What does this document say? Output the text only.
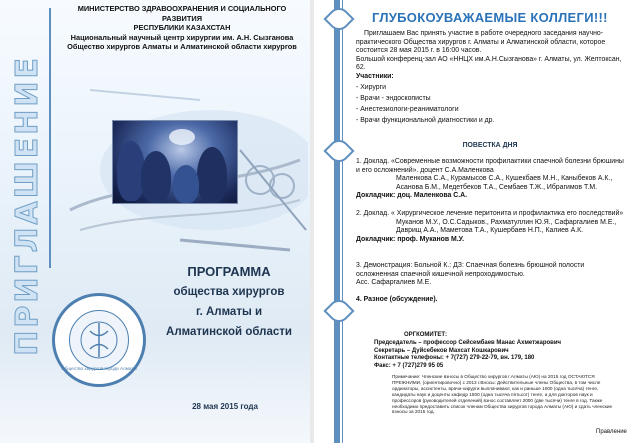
ПРИГЛАШЕНИЕ
МИНИСТЕРСТВО ЗДРАВООХРАНЕНИЯ И СОЦИАЛЬНОГО РАЗВИТИЯ
РЕСПУБЛИКИ КАЗАХСТАН
Национальный научный центр хирургии им. А.Н. Сызганова
Общество хирургов Алматы и Алматинской области хирургов
Общество хирургов города Алматы
ПРОГРАММА
общества хирургов
г. Алматы и
Алматинской области
28 мая 2015 года
ГЛУБОКОУВАЖАЕМЫЕ КОЛЛЕГИ!!!
Приглашаем Вас принять участие в работе очередного заседания научно-практического Общества хирургов г. Алматы и Алматинской области, которое состоится 28 мая 2015 г. в 16:00 часов.
Большой конференц-зал АО «ННЦХ им.А.Н.Сызганова» г. Алматы, ул. Желтоксан, 62.
Участники:
- Хирурги
- Врачи - эндоскописты
- Анестезиологи-реаниматологи
- Врачи функциональной диагностики и др.
ПОВЕСТКА ДНЯ
1. Доклад. «Современные возможности профилактики спаечной болезни брюшины и его осложнений». доцент С.А.Маленкова
Маленкова С.А., Курамысов С.А., Кушекбаев М.Н., Каныбеков А.К., Асанова Б.М., Медетбеков Т.А., Сембаев Т.Ж., Ибрагимов Т.М.
Докладчик: доц. Маленкова С.А.
2. Доклад. « Хирургическое лечение перитонита и профилактика его последствий»
Муканов М.У., О.С.Садыков., Рахматуллин Ю.Я., Сафаргалиев М.Е., Даврищ А.А., Маметова Т.А., Кушербаев Н.П., Калиев А.К.
Докладчик: проф. Муканов М.У.
3. Демонстрация: Больной К.: ДЗ: Спаечная болезнь брюшной полости осложненная спаечной кишечной непроходимостью.
Асс. Сафаргалиев М.Е.
4. Разное (обсуждение).
ОРГКОМИТЕТ:
Председатель – профессор Сейсембаев Манас Ахметжарович
Секретарь – Дуйсебеков Махсат Кошкарович
Контактные телефоны: + 7(727) 279-22-79, вн. 179, 180
Факс: + 7 (727)279 95 05
Примечание: Членские взносы в Общество хирургов г.Алматы (АЮ) на 2015 год ОСТАЮТСЯ ПРЕЖНИМИ, (ориентировочно) с 2013 г.Вносы: Действительные члены Общества, в том числе ординаторы, ассистенты, врачи-хирурги выплачивают, как и раньше 1000 (одна тысяча) тенге, кандидаты наук и доценты кафедр 1500 (одна тысяча пятьсот) тенге, а для докторов наук и профессоров (руководителей отделений) взнос составляет 2000 (две тысячи) тенге в год. Также необходимо предоставить список членам Общества хирургов города Алматы (АЮ) и сдать членские взносы за 2015 год.
Правление
